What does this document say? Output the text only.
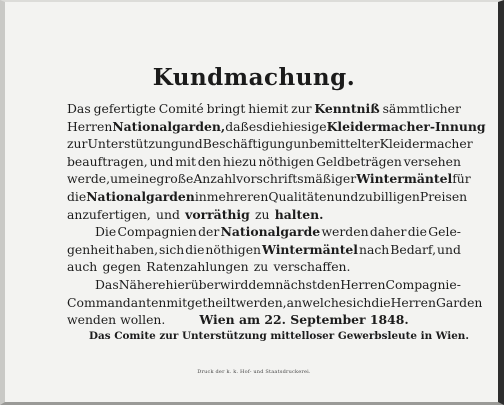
Kundmachung.
Das gefertigte Comité bringt hiemit zur Kenntniß sämmtlicher
Herren Nationalgarden, daß es die hiesige Kleidermacher-Innung
zur Unterstützung und Beschäftigung unbemittelter Kleidermacher
beauftragen, und mit den hiezu nöthigen Geldbeträgen versehen
werde, um eine große Anzahl vorschriftsmäßiger Wintermäntel für
die Nationalgarden in mehreren Qualitäten und zu billigen Preisen
anzufertigen, und vorräthig zu halten.
Die Compagnien der Nationalgarde werden daher die Gele-
genheit haben, sich die nöthigen Wintermäntel nach Bedarf, und
auch gegen Ratenzahlungen zu verschaffen.
Das Nähere hierüber wird demnächst den Herren Compagnie-
Commandanten mitgetheilt werden, an welche sich die Herren Garden
wenden wollen.	Wien am 22. September 1848.
Das Comite zur Unterstützung mittelloser Gewerbsleute in Wien.
Druck der k. k. Hof- und Staatsdruckerei.
